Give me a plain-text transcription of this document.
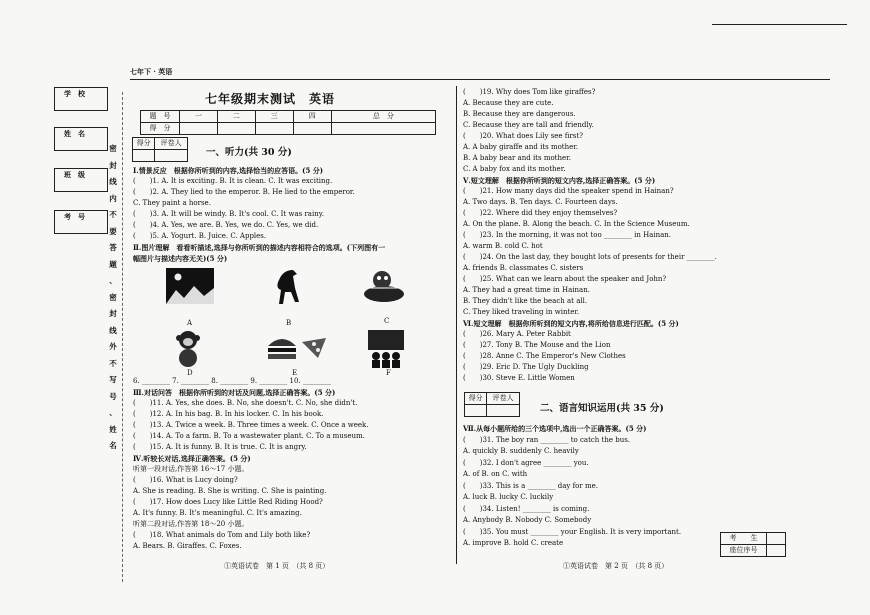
七年下 · 英语
学　校
姓　名
班　级
考　号
密
封
线
内
不
要
答
题
、
密
封
线
外
不
写
号
、
姓
名
七年级期末测试　英语
题　号	一	二	三	四	总　分
得　分					
得分	评卷人

一、听力(共 30 分)
Ⅰ.情景反应　根据你所听到的内容,选择恰当的应答语。(5 分)
(　　)1. A. It is exciting. B. It is clean. C. It was exciting.
(　　)2. A. They lied to the emperor. B. He lied to the emperor.
C. They paint a horse.
(　　)3. A. It will be windy. B. It's cool. C. It was rainy.
(　　)4. A. Yes, we are. B. Yes, we do. C. Yes, we did.
(　　)5. A. Yogurt. B. Juice. C. Apples.
Ⅱ.图片理解　看看听描述,选择与你所听到的描述内容相符合的选项。(下列图有一
幅图片与描述内容无关)(5 分)
A	B	C
D	E	F
6. ________ 7. ________ 8. ________ 9. ________ 10. ________
Ⅲ.对话问答　根据你所听到的对话及问题,选择正确答案。(5 分)
(　　)11. A. Yes, she does. B. No, she doesn't. C. No, she didn't.
(　　)12. A. In his bag. B. In his locker. C. In his book.
(　　)13. A. Twice a week. B. Three times a week. C. Once a week.
(　　)14. A. To a farm. B. To a wastewater plant. C. To a museum.
(　　)15. A. It is funny. B. It is true. C. It is angry.
Ⅳ.听较长对话,选择正确答案。(5 分)
听第一段对话,作答第 16～17 小题。
(　　)16. What is Lucy doing?
A. She is reading. B. She is writing. C. She is painting.
(　　)17. How does Lucy like Little Red Riding Hood?
A. It's funny. B. It's meaningful. C. It's amazing.
听第二段对话,作答第 18～20 小题。
(　　)18. What animals do Tom and Lily both like?
A. Bears. B. Giraffes. C. Foxes.
①英语试卷　第 1 页　（共 8 页）
(　　)19. Why does Tom like giraffes?
A. Because they are cute.
B. Because they are dangerous.
C. Because they are tall and friendly.
(　　)20. What does Lily see first?
A. A baby giraffe and its mother.
B. A baby bear and its mother.
C. A baby fox and its mother.
Ⅴ.短文理解　根据你所听到的短文内容,选择正确答案。(5 分)
(　　)21. How many days did the speaker spend in Hainan?
A. Two days. B. Ten days. C. Fourteen days.
(　　)22. Where did they enjoy themselves?
A. On the plane. B. Along the beach. C. In the Science Museum.
(　　)23. In the morning, it was not too ________ in Hainan.
A. warm B. cold C. hot
(　　)24. On the last day, they bought lots of presents for their ________.
A. friends B. classmates C. sisters
(　　)25. What can we learn about the speaker and John?
A. They had a great time in Hainan.
B. They didn't like the beach at all.
C. They liked traveling in winter.
Ⅵ.短文理解　根据你所听到的短文内容,将所给信息进行匹配。(5 分)
(　　)26. Mary A. Peter Rabbit
(　　)27. Tony B. The Mouse and the Lion
(　　)28. Anne C. The Emperor's New Clothes
(　　)29. Eric D. The Ugly Duckling
(　　)30. Steve E. Little Women
得分	评卷人

二、语言知识运用(共 35 分)
Ⅶ.从每小题所给的三个选项中,选出一个正确答案。(5 分)
(　　)31. The boy ran ________ to catch the bus.
A. quickly B. suddenly C. heavily
(　　)32. I don't agree ________ you.
A. of B. on C. with
(　　)33. This is a ________ day for me.
A. luck B. lucky C. luckily
(　　)34. Listen! ________ is coming.
A. Anybody B. Nobody C. Somebody
(　　)35. You must ________ your English. It is very important.
A. improve B. hold C. create
考　　生	
座位序号	
①英语试卷　第 2 页　（共 8 页）
